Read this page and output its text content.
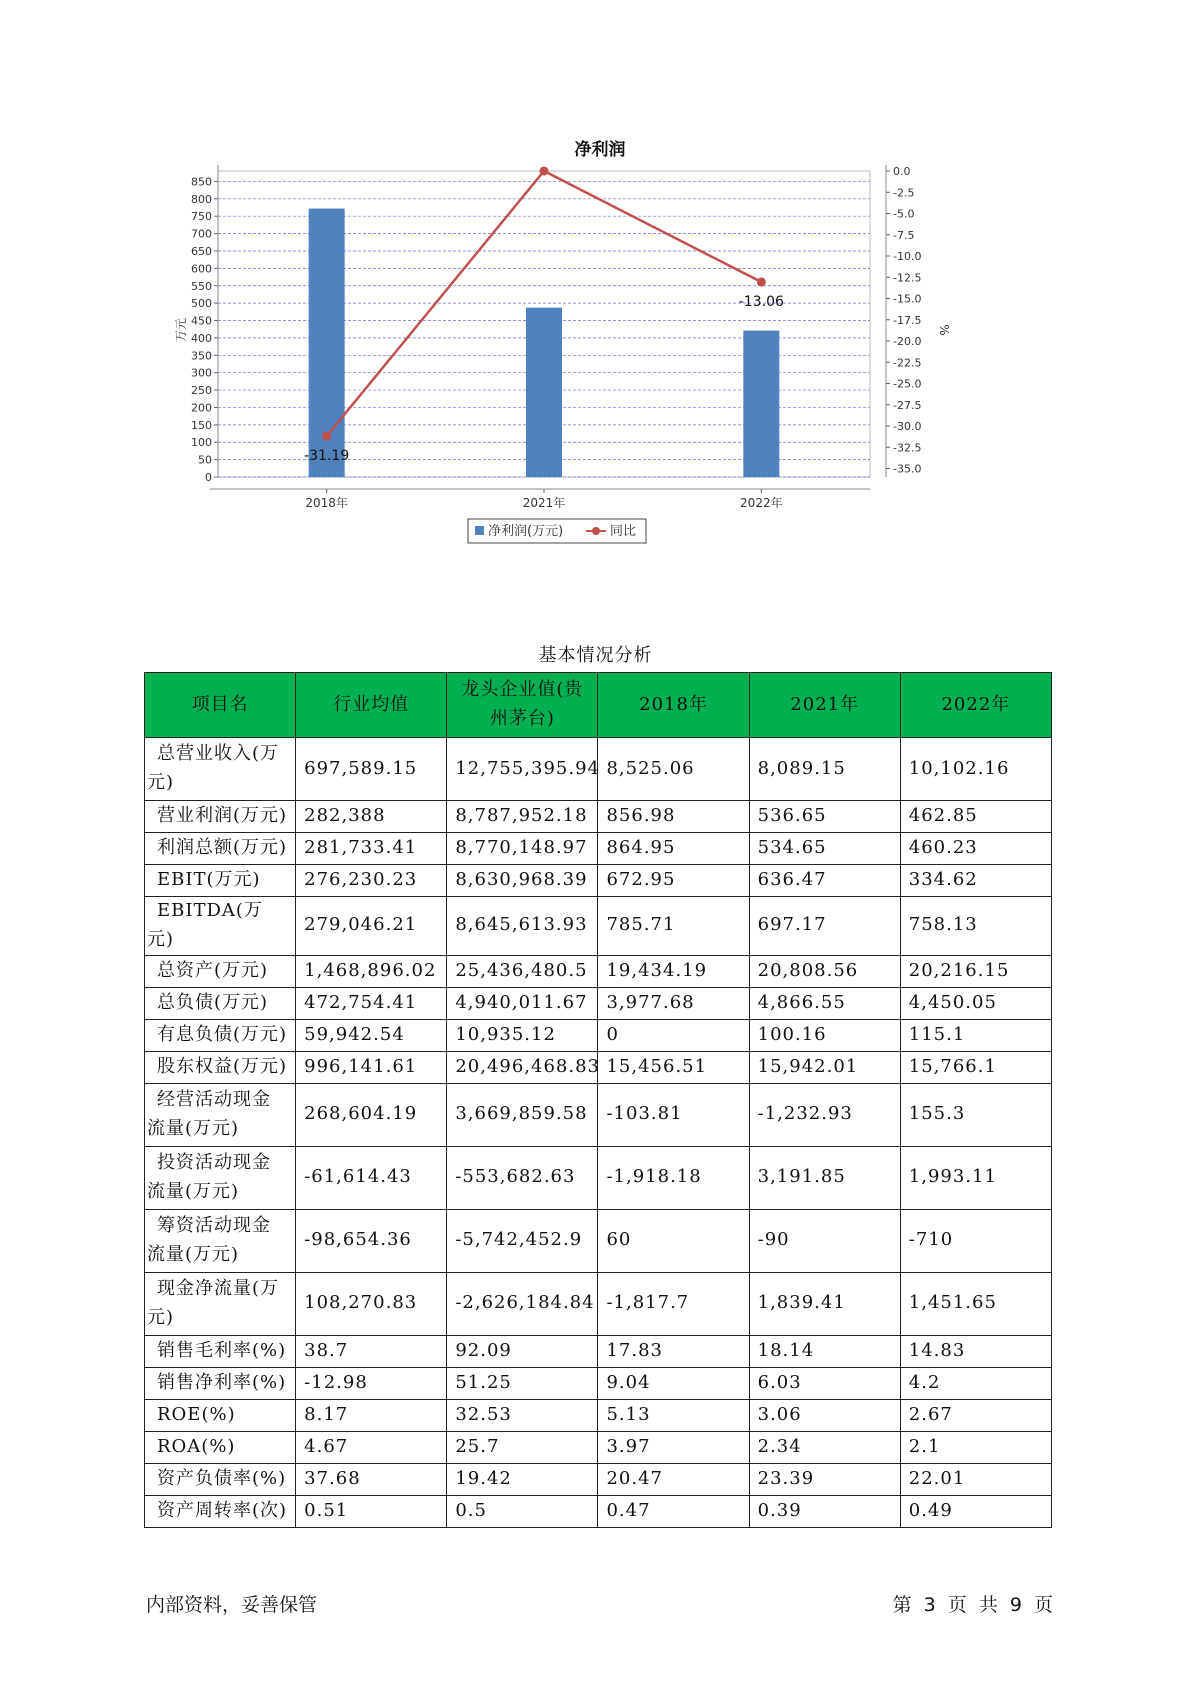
净利润
万元	%
0
50
100
150
200
250
300
350
400
450
500
550
600
650
700
750
800
850
0.0
-2.5
-5.0
-7.5
-10.0
-12.5
-15.0
-17.5
-20.0
-22.5
-25.0
-27.5
-30.0
-32.5
-35.0
2018年	2021年	2022年
-31.19
-13.06
净利润(万元)	同比
基本情况分析
项目名	行业均值	龙头企业值(贵州茅台)	2018年	2021年	2022年
总营业收入(万元)	697,589.15	12,755,395.94	8,525.06	8,089.15	10,102.16
营业利润(万元)	282,388	8,787,952.18	856.98	536.65	462.85
利润总额(万元)	281,733.41	8,770,148.97	864.95	534.65	460.23
EBIT(万元)	276,230.23	8,630,968.39	672.95	636.47	334.62
EBITDA(万元)	279,046.21	8,645,613.93	785.71	697.17	758.13
总资产(万元)	1,468,896.02	25,436,480.5	19,434.19	20,808.56	20,216.15
总负债(万元)	472,754.41	4,940,011.67	3,977.68	4,866.55	4,450.05
有息负债(万元)	59,942.54	10,935.12	0	100.16	115.1
股东权益(万元)	996,141.61	20,496,468.83	15,456.51	15,942.01	15,766.1
经营活动现金流量(万元)	268,604.19	3,669,859.58	-103.81	-1,232.93	155.3
投资活动现金流量(万元)	-61,614.43	-553,682.63	-1,918.18	3,191.85	1,993.11
筹资活动现金流量(万元)	-98,654.36	-5,742,452.9	60	-90	-710
现金净流量(万元)	108,270.83	-2,626,184.84	-1,817.7	1,839.41	1,451.65
销售毛利率(%)	38.7	92.09	17.83	18.14	14.83
销售净利率(%)	-12.98	51.25	9.04	6.03	4.2
ROE(%)	8.17	32.53	5.13	3.06	2.67
ROA(%)	4.67	25.7	3.97	2.34	2.1
资产负债率(%)	37.68	19.42	20.47	23.39	22.01
资产周转率(次)	0.51	0.5	0.47	0.39	0.49
内部资料，妥善保管	第 3 页 共 9 页
